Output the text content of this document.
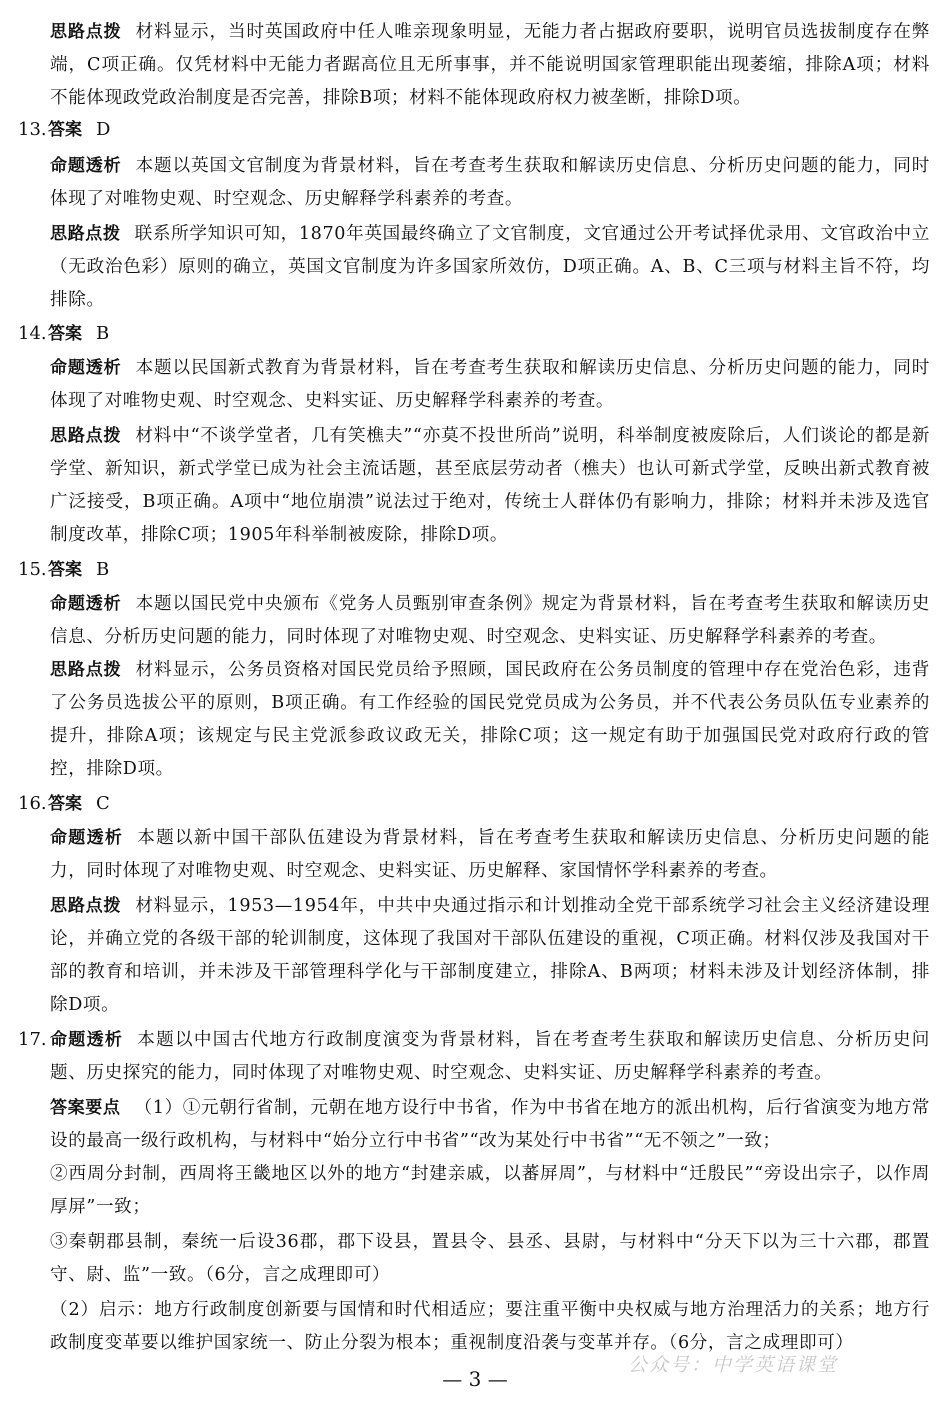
思路点拨 材料显示，当时英国政府中任人唯亲现象明显，无能力者占据政府要职，说明官员选拔制度存在弊端，C项正确。仅凭材料中无能力者踞高位且无所事事，并不能说明国家管理职能出现萎缩，排除A项；材料不能体现政党政治制度是否完善，排除B项；材料不能体现政府权力被垄断，排除D项。
13.答案 D
命题透析 本题以英国文官制度为背景材料，旨在考查考生获取和解读历史信息、分析历史问题的能力，同时体现了对唯物史观、时空观念、历史解释学科素养的考查。
思路点拨 联系所学知识可知，1870年英国最终确立了文官制度，文官通过公开考试择优录用、文官政治中立（无政治色彩）原则的确立，英国文官制度为许多国家所效仿，D项正确。A、B、C三项与材料主旨不符，均排除。
14.答案 B
命题透析 本题以民国新式教育为背景材料，旨在考查考生获取和解读历史信息、分析历史问题的能力，同时体现了对唯物史观、时空观念、史料实证、历史解释学科素养的考查。
思路点拨 材料中“不谈学堂者，几有笑樵夫”“亦莫不投世所尚”说明，科举制度被废除后，人们谈论的都是新学堂、新知识，新式学堂已成为社会主流话题，甚至底层劳动者（樵夫）也认可新式学堂，反映出新式教育被广泛接受，B项正确。A项中“地位崩溃”说法过于绝对，传统士人群体仍有影响力，排除；材料并未涉及选官制度改革，排除C项；1905年科举制被废除，排除D项。
15.答案 B
命题透析 本题以国民党中央颁布《党务人员甄别审查条例》规定为背景材料，旨在考查考生获取和解读历史信息、分析历史问题的能力，同时体现了对唯物史观、时空观念、史料实证、历史解释学科素养的考查。
思路点拨 材料显示，公务员资格对国民党员给予照顾，国民政府在公务员制度的管理中存在党治色彩，违背了公务员选拔公平的原则，B项正确。有工作经验的国民党党员成为公务员，并不代表公务员队伍专业素养的提升，排除A项；该规定与民主党派参政议政无关，排除C项；这一规定有助于加强国民党对政府行政的管控，排除D项。
16.答案 C
命题透析 本题以新中国干部队伍建设为背景材料，旨在考查考生获取和解读历史信息、分析历史问题的能力，同时体现了对唯物史观、时空观念、史料实证、历史解释、家国情怀学科素养的考查。
思路点拨 材料显示，1953—1954年，中共中央通过指示和计划推动全党干部系统学习社会主义经济建设理论，并确立党的各级干部的轮训制度，这体现了我国对干部队伍建设的重视，C项正确。材料仅涉及我国对干部的教育和培训，并未涉及干部管理科学化与干部制度建立，排除A、B两项；材料未涉及计划经济体制，排除D项。
17. 命题透析 本题以中国古代地方行政制度演变为背景材料，旨在考查考生获取和解读历史信息、分析历史问题、历史探究的能力，同时体现了对唯物史观、时空观念、史料实证、历史解释学科素养的考查。
答案要点 （1）①元朝行省制，元朝在地方设行中书省，作为中书省在地方的派出机构，后行省演变为地方常设的最高一级行政机构，与材料中“始分立行中书省”“改为某处行中书省”“无不领之”一致；
②西周分封制，西周将王畿地区以外的地方“封建亲戚，以蕃屏周”，与材料中“迁殷民”“旁设出宗子，以作周厚屏”一致；
③秦朝郡县制，秦统一后设36郡，郡下设县，置县令、县丞、县尉，与材料中“分天下以为三十六郡，郡置守、尉、监”一致。（6分，言之成理即可）
（2）启示：地方行政制度创新要与国情和时代相适应；要注重平衡中央权威与地方治理活力的关系；地方行政制度变革要以维护国家统一、防止分裂为根本；重视制度沿袭与变革并存。（6分，言之成理即可）
— 3 —
公众号：中学英语课堂
